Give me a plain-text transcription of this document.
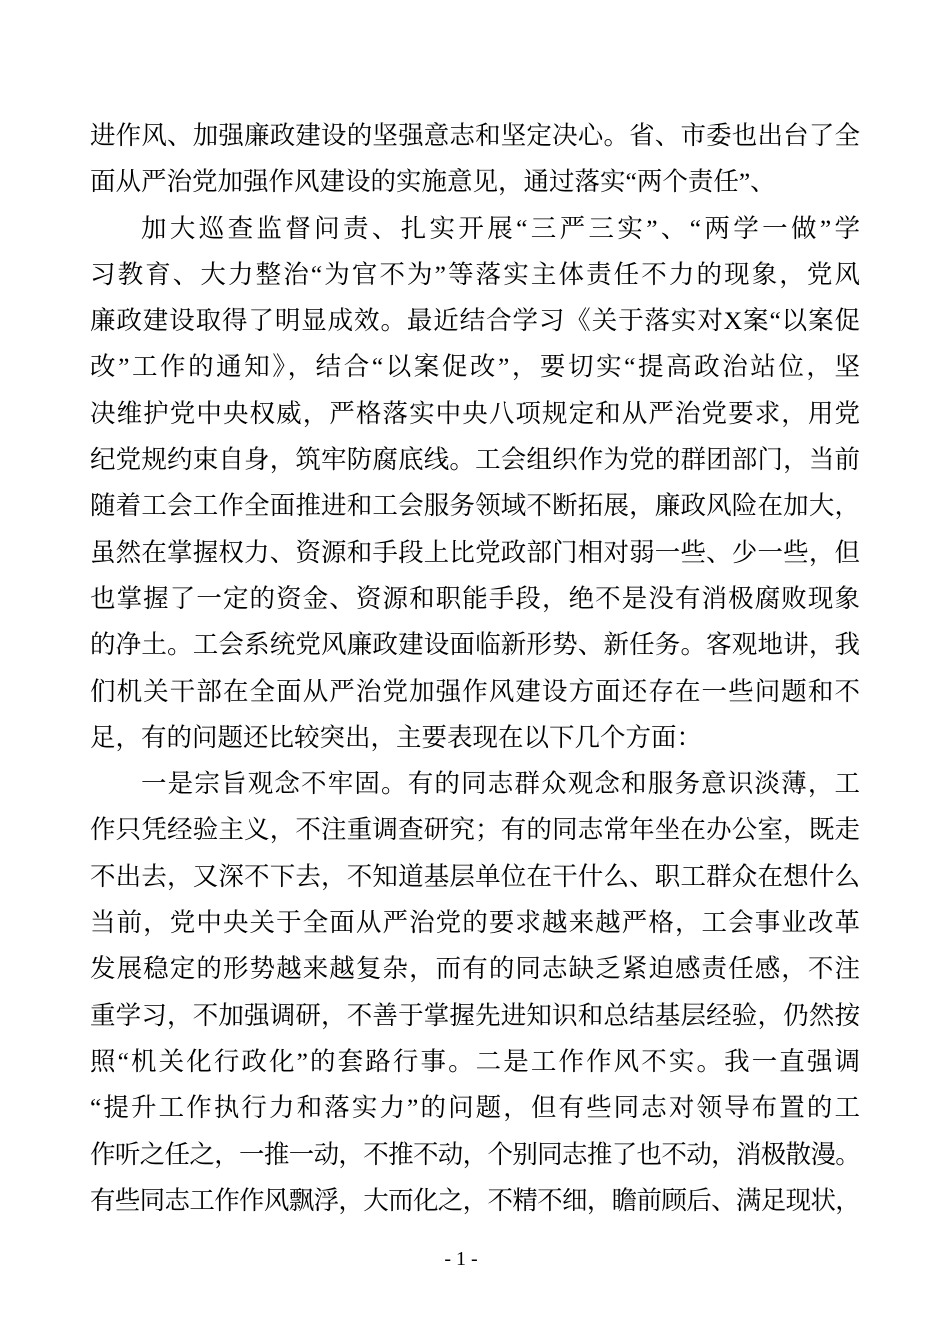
进作风、加强廉政建设的坚强意志和坚定决心。省、市委也出台了全
面从严治党加强作风建设的实施意见，通过落实“两个责任”、
加大巡查监督问责、扎实开展“三严三实”、“两学一做”学
习教育、大力整治“为官不为”等落实主体责任不力的现象，党风
廉政建设取得了明显成效。最近结合学习《关于落实对X案“以案促
改”工作的通知》，结合“以案促改”，要切实“提高政治站位，坚
决维护党中央权威，严格落实中央八项规定和从严治党要求，用党
纪党规约束自身，筑牢防腐底线。工会组织作为党的群团部门，当前
随着工会工作全面推进和工会服务领域不断拓展，廉政风险在加大，
虽然在掌握权力、资源和手段上比党政部门相对弱一些、少一些，但
也掌握了一定的资金、资源和职能手段，绝不是没有消极腐败现象
的净土。工会系统党风廉政建设面临新形势、新任务。客观地讲，我
们机关干部在全面从严治党加强作风建设方面还存在一些问题和不
足，有的问题还比较突出，主要表现在以下几个方面：
一是宗旨观念不牢固。有的同志群众观念和服务意识淡薄，工
作只凭经验主义，不注重调查研究；有的同志常年坐在办公室，既走
不出去，又深不下去，不知道基层单位在干什么、职工群众在想什么
当前，党中央关于全面从严治党的要求越来越严格，工会事业改革
发展稳定的形势越来越复杂，而有的同志缺乏紧迫感责任感，不注
重学习，不加强调研，不善于掌握先进知识和总结基层经验，仍然按
照“机关化行政化”的套路行事。二是工作作风不实。我一直强调
“提升工作执行力和落实力”的问题，但有些同志对领导布置的工
作听之任之，一推一动，不推不动，个别同志推了也不动，消极散漫。
有些同志工作作风飘浮，大而化之，不精不细，瞻前顾后、满足现状，
- 1 -
